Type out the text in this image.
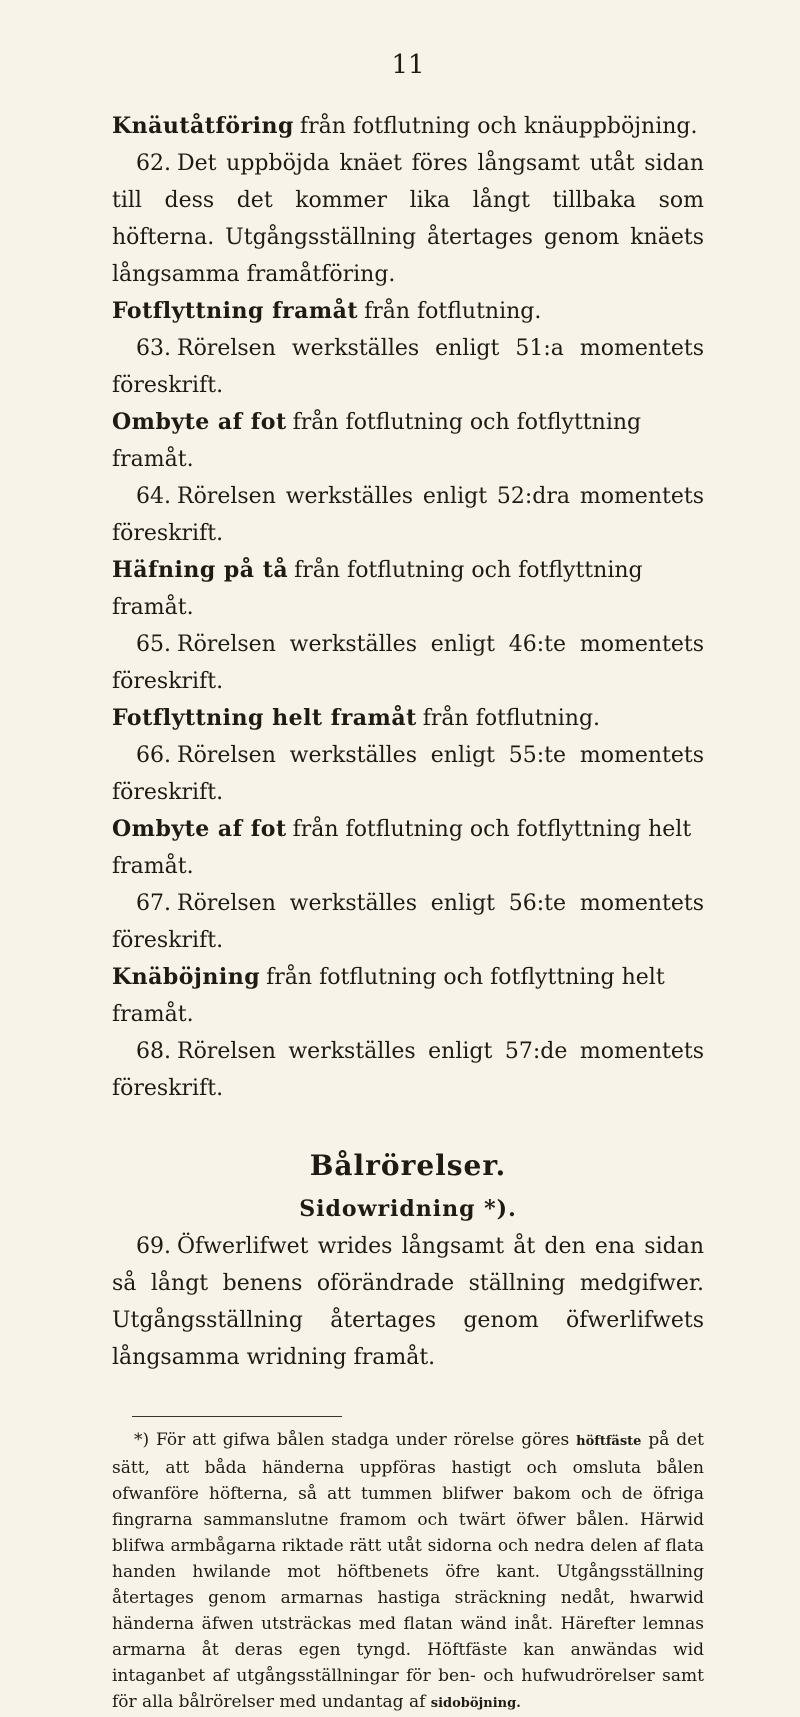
11

Knäutåtföring från fotflutning och knäuppböjning.

62. Det uppböjda knäet föres långsamt utåt sidan till dess det kommer lika långt tillbaka som höfterna. Utgångsställning återtages genom knäets långsamma framåtföring.

Fotflyttning framåt från fotflutning.

63. Rörelsen werkställes enligt 51:a momentets föreskrift.

Ombyte af fot från fotflutning och fotflyttning framåt.

64. Rörelsen werkställes enligt 52:dra momentets föreskrift.

Häfning på tå från fotflutning och fotflyttning framåt.

65. Rörelsen werkställes enligt 46:te momentets föreskrift.

Fotflyttning helt framåt från fotflutning.

66. Rörelsen werkställes enligt 55:te momentets föreskrift.

Ombyte af fot från fotflutning och fotflyttning helt framåt.

67. Rörelsen werkställes enligt 56:te momentets föreskrift.

Knäböjning från fotflutning och fotflyttning helt framåt.

68. Rörelsen werkställes enligt 57:de momentets föreskrift.

Bålrörelser.
Sidowridning *).

69. Öfwerlifwet wrides långsamt åt den ena sidan så långt benens oförändrade ställning medgifwer. Utgångsställning återtages genom öfwerlifwets långsamma wridning framåt.

*) För att gifwa bålen stadga under rörelse göres höftfäste på det sätt, att båda händerna uppföras hastigt och omsluta bålen ofwanföre höfterna, så att tummen blifwer bakom och de öfriga fingrarna sammanslutne framom och twärt öfwer bålen. Härwid blifwa armbågarna riktade rätt utåt sidorna och nedra delen af flata handen hwilande mot höftbenets öfre kant. Utgångsställning återtages genom armarnas hastiga sträckning nedåt, hwarwid händerna äfwen utsträckas med flatan wänd inåt. Härefter lemnas armarna åt deras egen tyngd. Höftfäste kan anwändas wid intaganbet af utgångsställningar för ben- och hufwudrörelser samt för alla bålrörelser med undantag af sidoböjning.
